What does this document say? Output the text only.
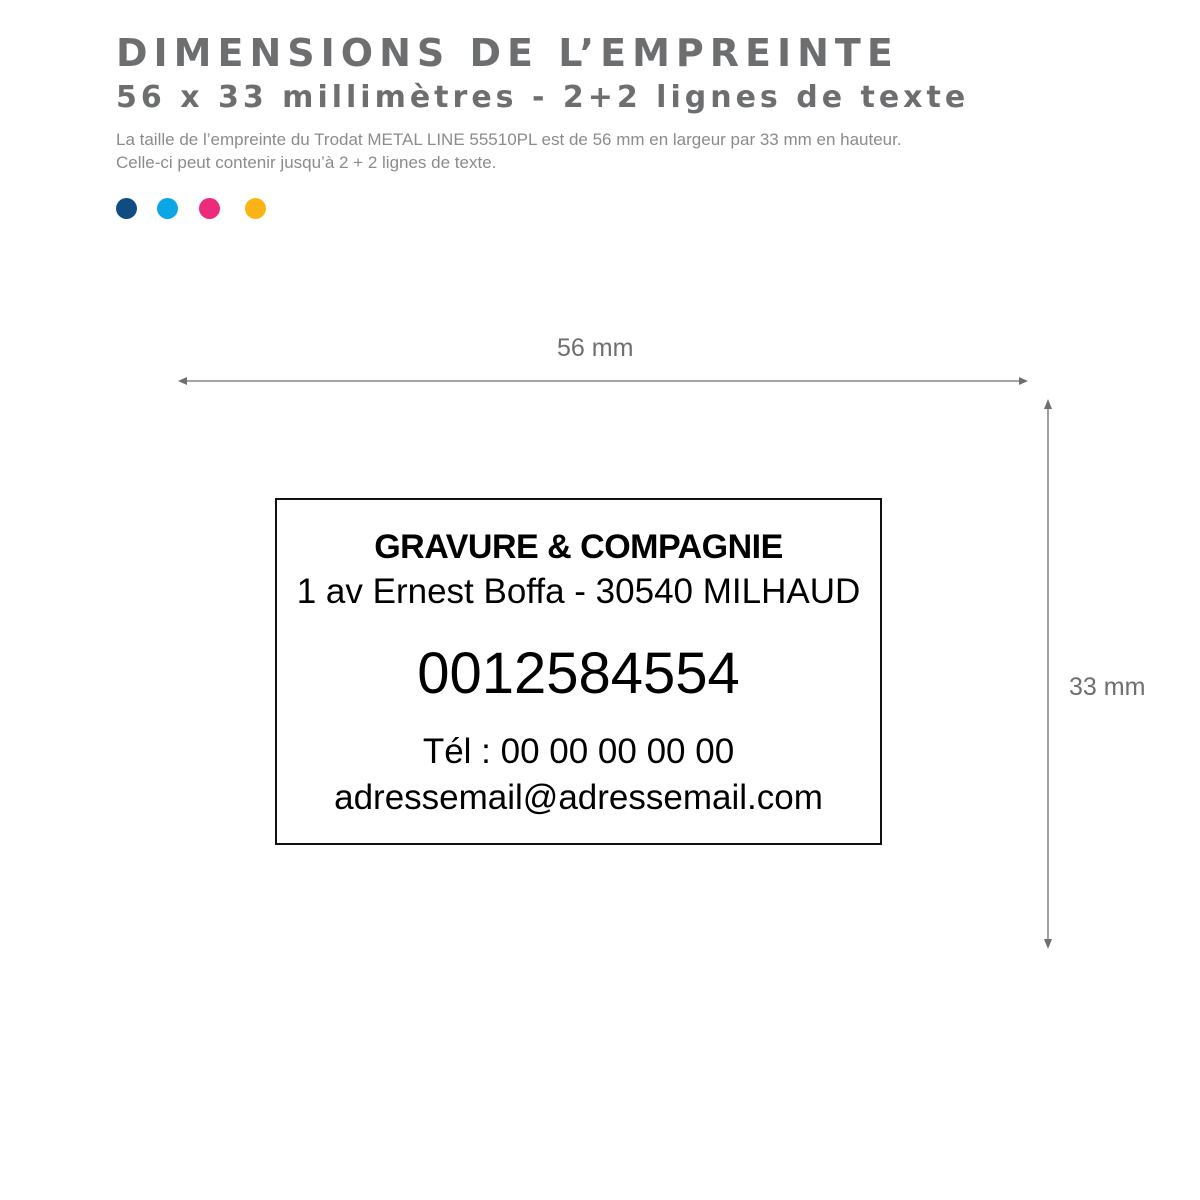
DIMENSIONS DE L’EMPREINTE
56 x 33 millimètres - 2+2 lignes de texte

La taille de l’empreinte du Trodat METAL LINE 55510PL est de 56 mm en largeur par 33 mm en hauteur.
Celle-ci peut contenir jusqu’à 2 + 2 lignes de texte.

56 mm
33 mm
GRAVURE & COMPAGNIE
1 av Ernest Boffa - 30540 MILHAUD
0012584554
Tél : 00 00 00 00 00
adressemail@adressemail.com
